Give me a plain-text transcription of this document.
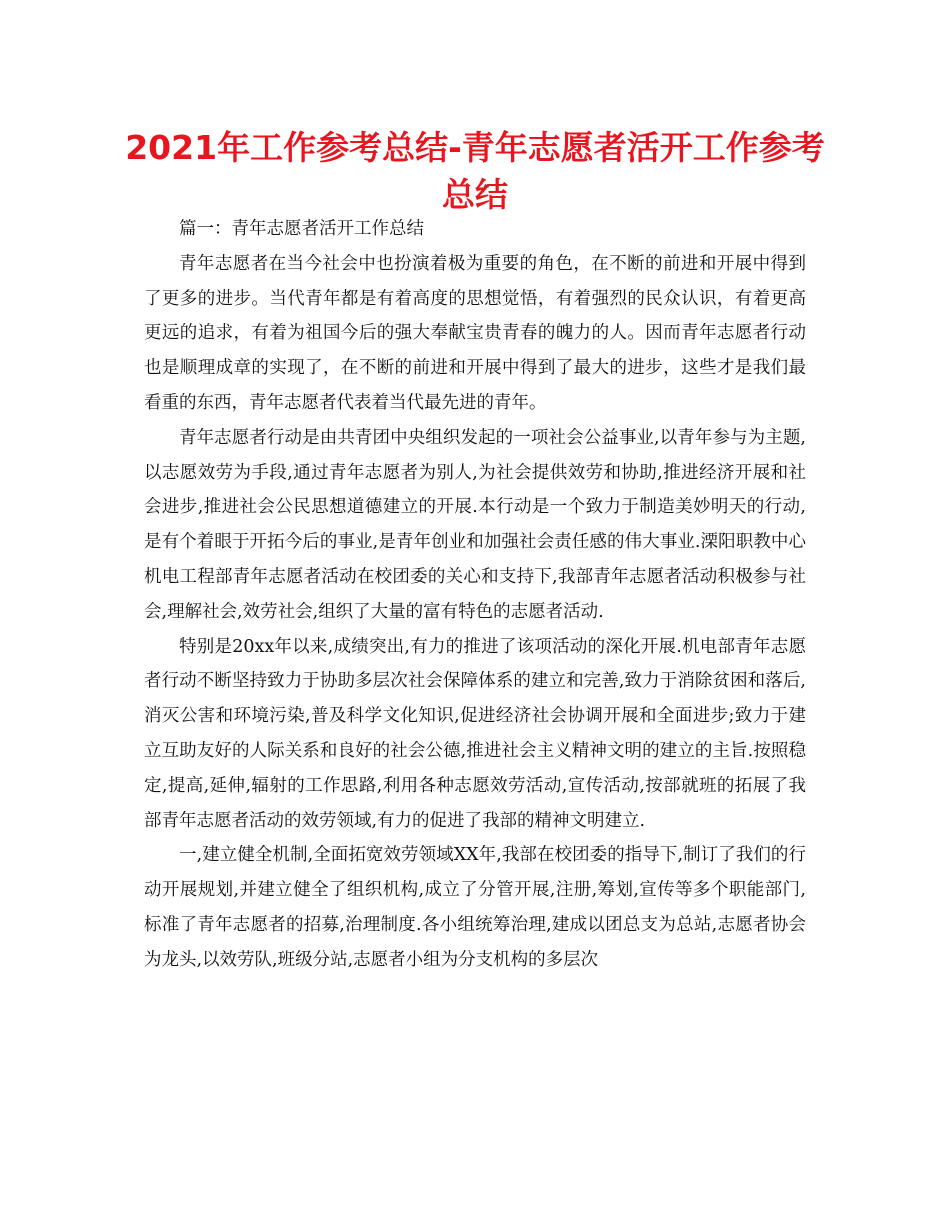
2021年工作参考总结-青年志愿者活开工作参考总结

篇一：青年志愿者活开工作总结

青年志愿者在当今社会中也扮演着极为重要的角色，在不断的前进和开展中得到了更多的进步。当代青年都是有着高度的思想觉悟，有着强烈的民众认识，有着更高更远的追求，有着为祖国今后的强大奉献宝贵青春的魄力的人。因而青年志愿者行动也是顺理成章的实现了，在不断的前进和开展中得到了最大的进步，这些才是我们最看重的东西，青年志愿者代表着当代最先进的青年。

青年志愿者行动是由共青团中央组织发起的一项社会公益事业,以青年参与为主题,以志愿效劳为手段,通过青年志愿者为别人,为社会提供效劳和协助,推进经济开展和社会进步,推进社会公民思想道德建立的开展.本行动是一个致力于制造美妙明天的行动,是有个着眼于开拓今后的事业,是青年创业和加强社会责任感的伟大事业.溧阳职教中心机电工程部青年志愿者活动在校团委的关心和支持下,我部青年志愿者活动积极参与社会,理解社会,效劳社会,组织了大量的富有特色的志愿者活动.

特别是20xx年以来,成绩突出,有力的推进了该项活动的深化开展.机电部青年志愿者行动不断坚持致力于协助多层次社会保障体系的建立和完善,致力于消除贫困和落后,消灭公害和环境污染,普及科学文化知识,促进经济社会协调开展和全面进步;致力于建立互助友好的人际关系和良好的社会公德,推进社会主义精神文明的建立的主旨.按照稳定,提高,延伸,辐射的工作思路,利用各种志愿效劳活动,宣传活动,按部就班的拓展了我部青年志愿者活动的效劳领域,有力的促进了我部的精神文明建立.

一,建立健全机制,全面拓宽效劳领域XX年,我部在校团委的指导下,制订了我们的行动开展规划,并建立健全了组织机构,成立了分管开展,注册,筹划,宣传等多个职能部门,标准了青年志愿者的招募,治理制度.各小组统筹治理,建成以团总支为总站,志愿者协会为龙头,以效劳队,班级分站,志愿者小组为分支机构的多层次
